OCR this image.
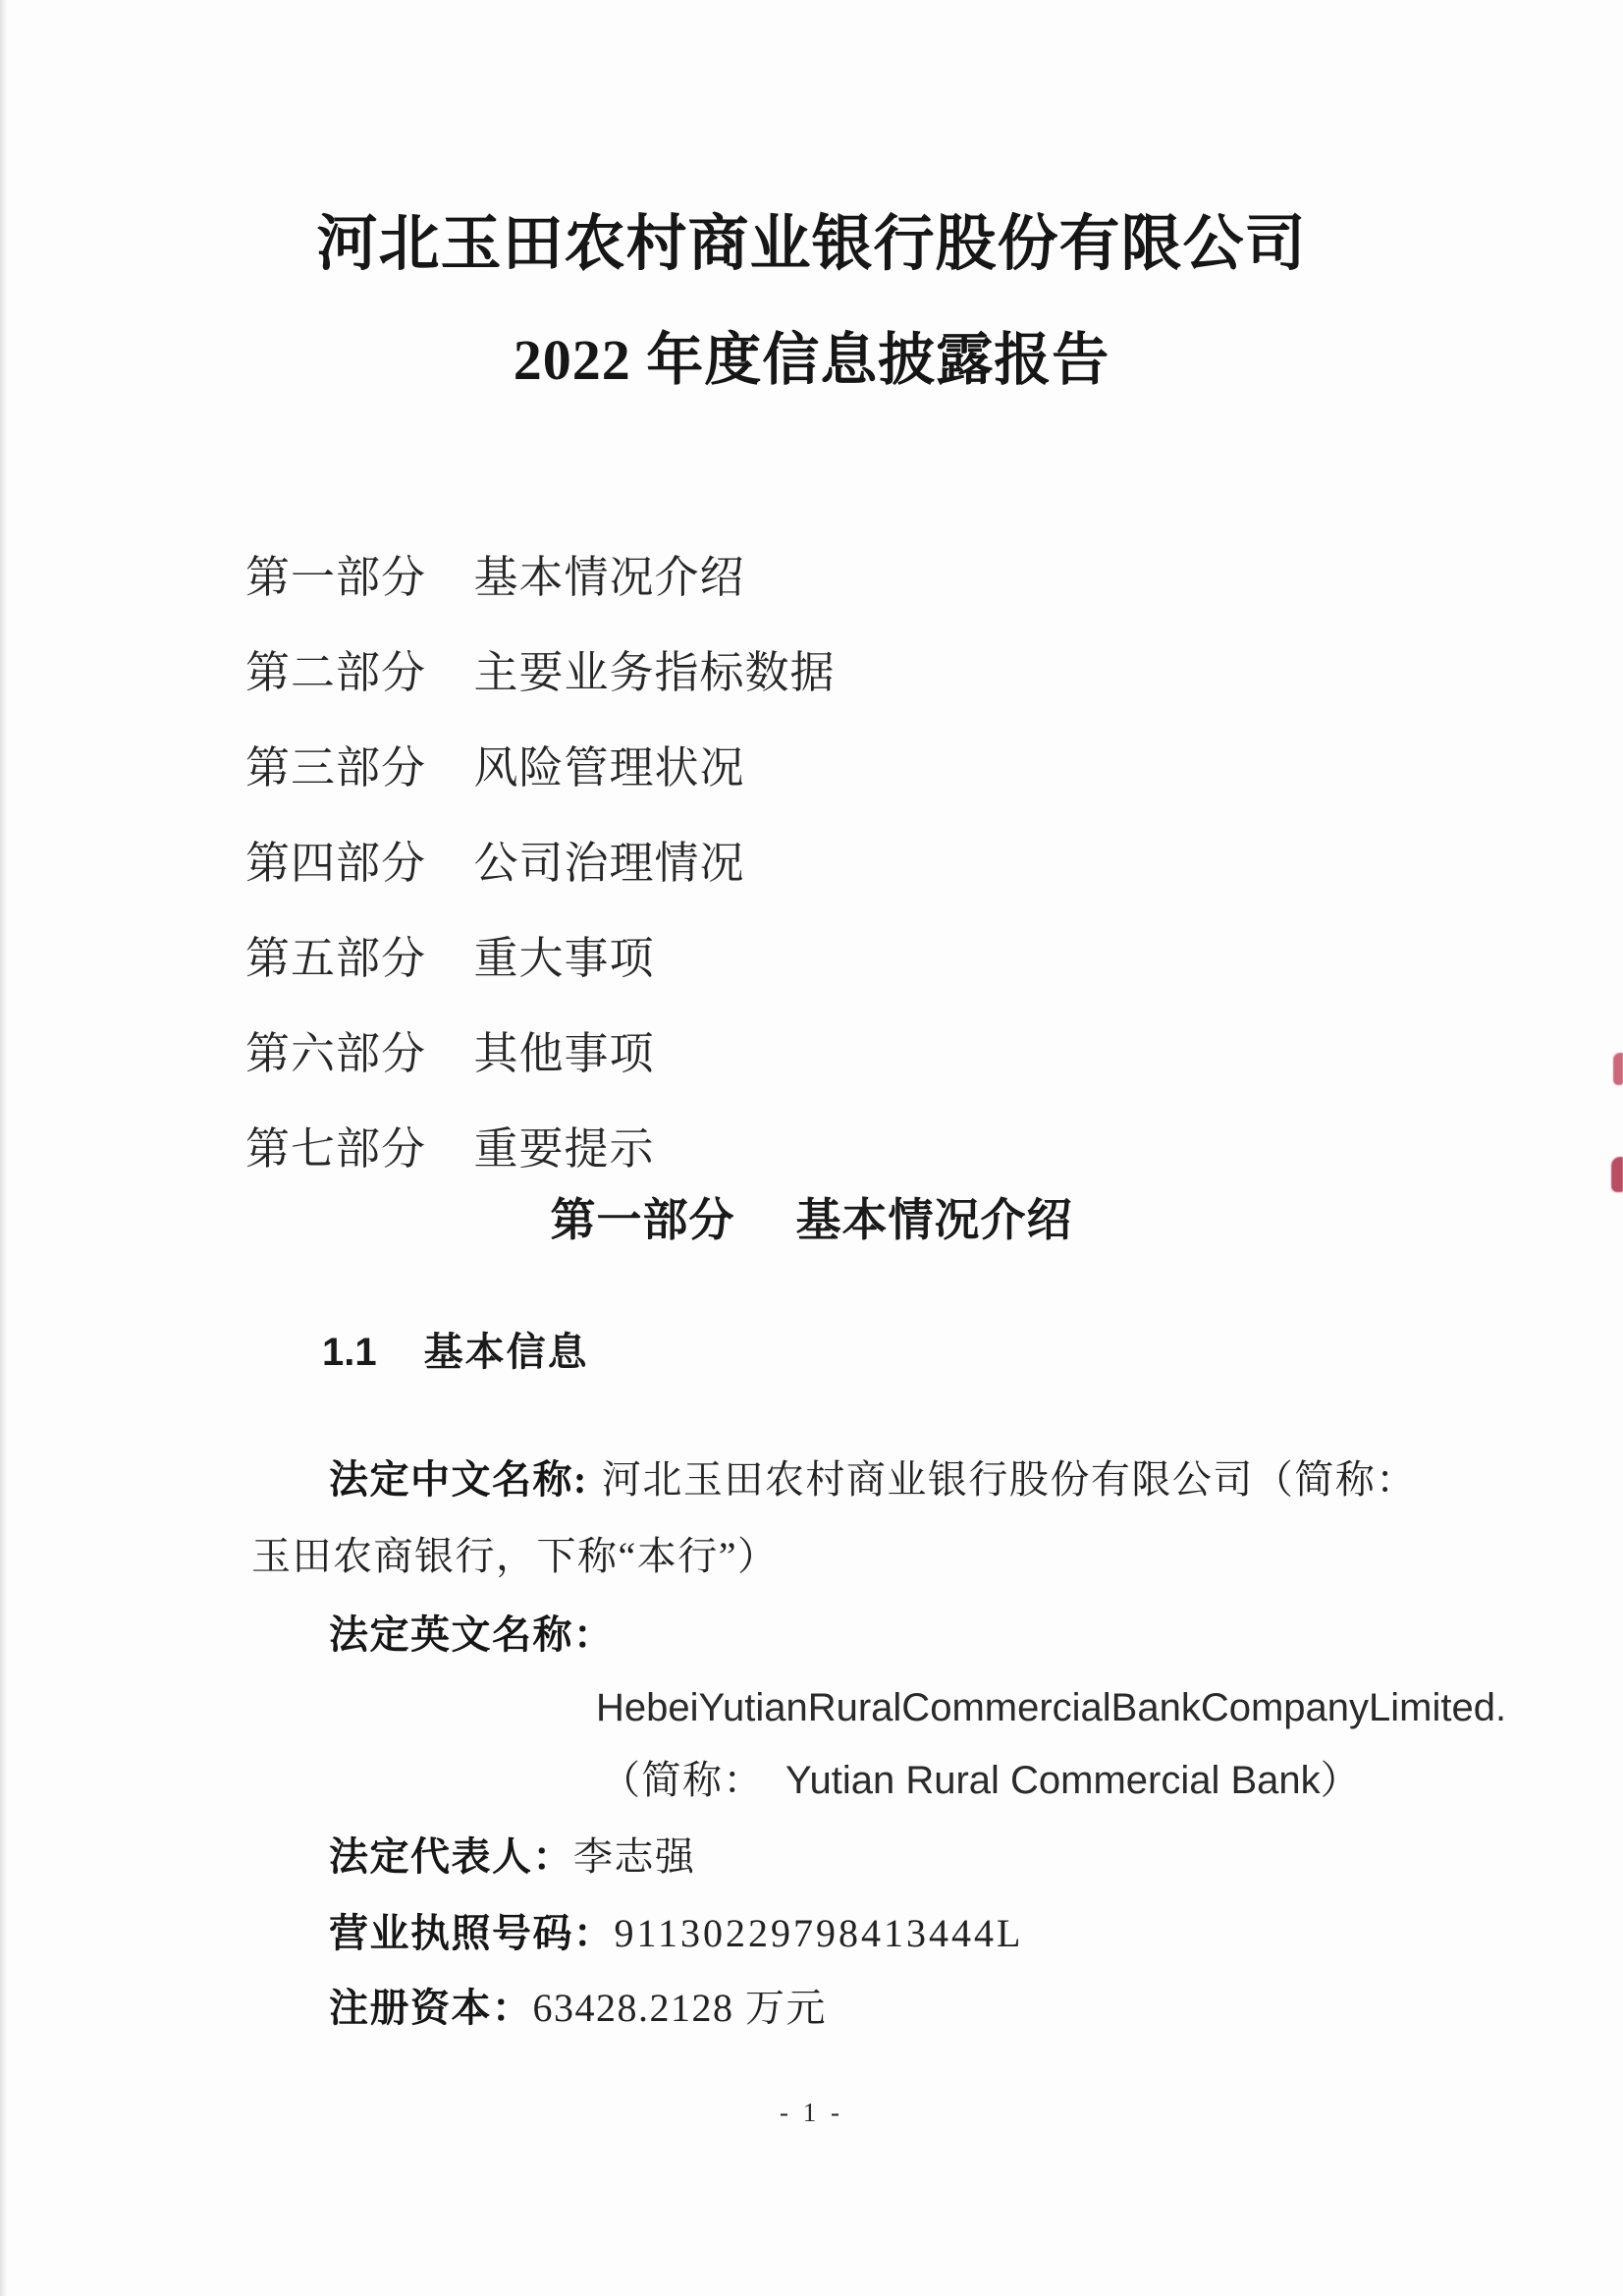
河北玉田农村商业银行股份有限公司
2022 年度信息披露报告
第一部分 基本情况介绍
第二部分 主要业务指标数据
第三部分 风险管理状况
第四部分 公司治理情况
第五部分 重大事项
第六部分 其他事项
第七部分 重要提示
第一部分 基本情况介绍
1.1 基本信息
法定中文名称: 河北玉田农村商业银行股份有限公司（简称：
玉田农商银行，下称“本行”）
法定英文名称：
HebeiYutianRuralCommercialBankCompanyLimited.
（简称： Yutian Rural Commercial Bank）
法定代表人：李志强
营业执照号码：91130229798413444L
注册资本：63428.2128 万元
- 1 -
